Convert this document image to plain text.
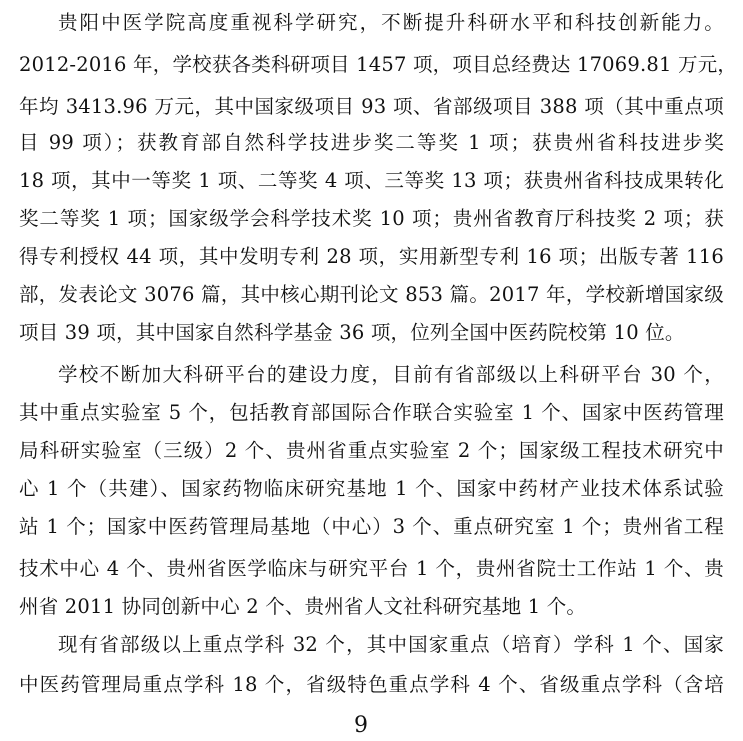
贵阳中医学院高度重视科学研究，不断提升科研水平和科技创新能力。
2012-2016 年，学校获各类科研项目 1457 项，项目总经费达 17069.81 万元，
年均 3413.96 万元，其中国家级项目 93 项、省部级项目 388 项（其中重点项
目 99 项）；获教育部自然科学技进步奖二等奖 1 项；获贵州省科技进步奖
18 项，其中一等奖 1 项、二等奖 4 项、三等奖 13 项；获贵州省科技成果转化
奖二等奖 1 项；国家级学会科学技术奖 10 项；贵州省教育厅科技奖 2 项；获
得专利授权 44 项，其中发明专利 28 项，实用新型专利 16 项；出版专著 116
部，发表论文 3076 篇，其中核心期刊论文 853 篇。2017 年，学校新增国家级
项目 39 项，其中国家自然科学基金 36 项，位列全国中医药院校第 10 位。
学校不断加大科研平台的建设力度，目前有省部级以上科研平台 30 个，
其中重点实验室 5 个，包括教育部国际合作联合实验室 1 个、国家中医药管理
局科研实验室（三级）2 个、贵州省重点实验室 2 个；国家级工程技术研究中
心 1 个（共建）、国家药物临床研究基地 1 个、国家中药材产业技术体系试验
站 1 个；国家中医药管理局基地（中心）3 个、重点研究室 1 个；贵州省工程
技术中心 4 个、贵州省医学临床与研究平台 1 个，贵州省院士工作站 1 个、贵
州省 2011 协同创新中心 2 个、贵州省人文社科研究基地 1 个。
现有省部级以上重点学科 32 个，其中国家重点（培育）学科 1 个、国家
中医药管理局重点学科 18 个，省级特色重点学科 4 个、省级重点学科（含培
9
